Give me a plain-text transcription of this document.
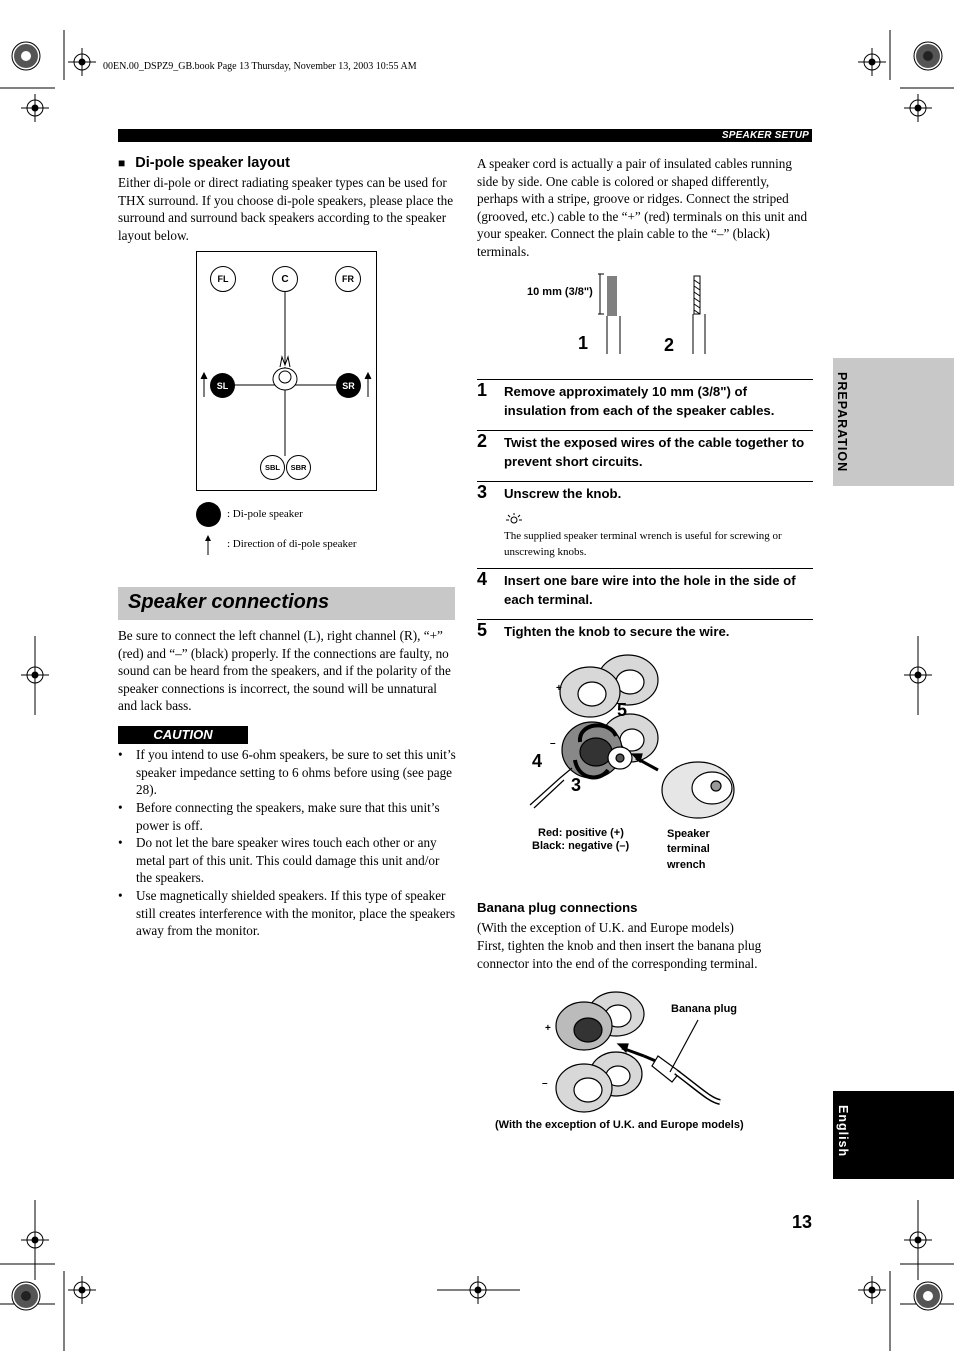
00EN.00_DSPZ9_GB.book Page 13 Thursday, November 13, 2003 10:55 AM
SPEAKER SETUP
PREPARATION
English
■ Di-pole speaker layout
Either di-pole or direct radiating speaker types can be used for THX surround. If you choose di-pole speakers, please place the surround and surround back speakers according to the speaker layout below.
FL	C	FR
SL	SR
SBL SBR
: Di-pole speaker
: Direction of di-pole speaker
Speaker connections
Be sure to connect the left channel (L), right channel (R), “+” (red) and “–” (black) properly. If the connections are faulty, no sound can be heard from the speakers, and if the polarity of the speaker connections is incorrect, the sound will be unnatural and lack bass.
CAUTION
• If you intend to use 6-ohm speakers, be sure to set this unit’s speaker impedance setting to 6 ohms before using (see page 28).
• Before connecting the speakers, make sure that this unit’s power is off.
• Do not let the bare speaker wires touch each other or any metal part of this unit. This could damage this unit and/or the speakers.
• Use magnetically shielded speakers. If this type of speaker still creates interference with the monitor, place the speakers away from the monitor.
A speaker cord is actually a pair of insulated cables running side by side. One cable is colored or shaped differently, perhaps with a stripe, groove or ridges. Connect the striped (grooved, etc.) cable to the “+” (red) terminals on this unit and your speaker. Connect the plain cable to the “–” (black) terminals.
10 mm (3/8")
1	2
1 Remove approximately 10 mm (3/8") of insulation from each of the speaker cables.
2 Twist the exposed wires of the cable together to prevent short circuits.
3 Unscrew the knob.
The supplied speaker terminal wrench is useful for screwing or unscrewing knobs.
4 Insert one bare wire into the hole in the side of each terminal.
5 Tighten the knob to secure the wire.
+
–
5
4
3
Red: positive (+)
Black: negative (–)
Speaker
terminal
wrench
Banana plug connections
(With the exception of U.K. and Europe models)
First, tighten the knob and then insert the banana plug connector into the end of the corresponding terminal.
+
–
Banana plug
(With the exception of U.K. and Europe models)
13
